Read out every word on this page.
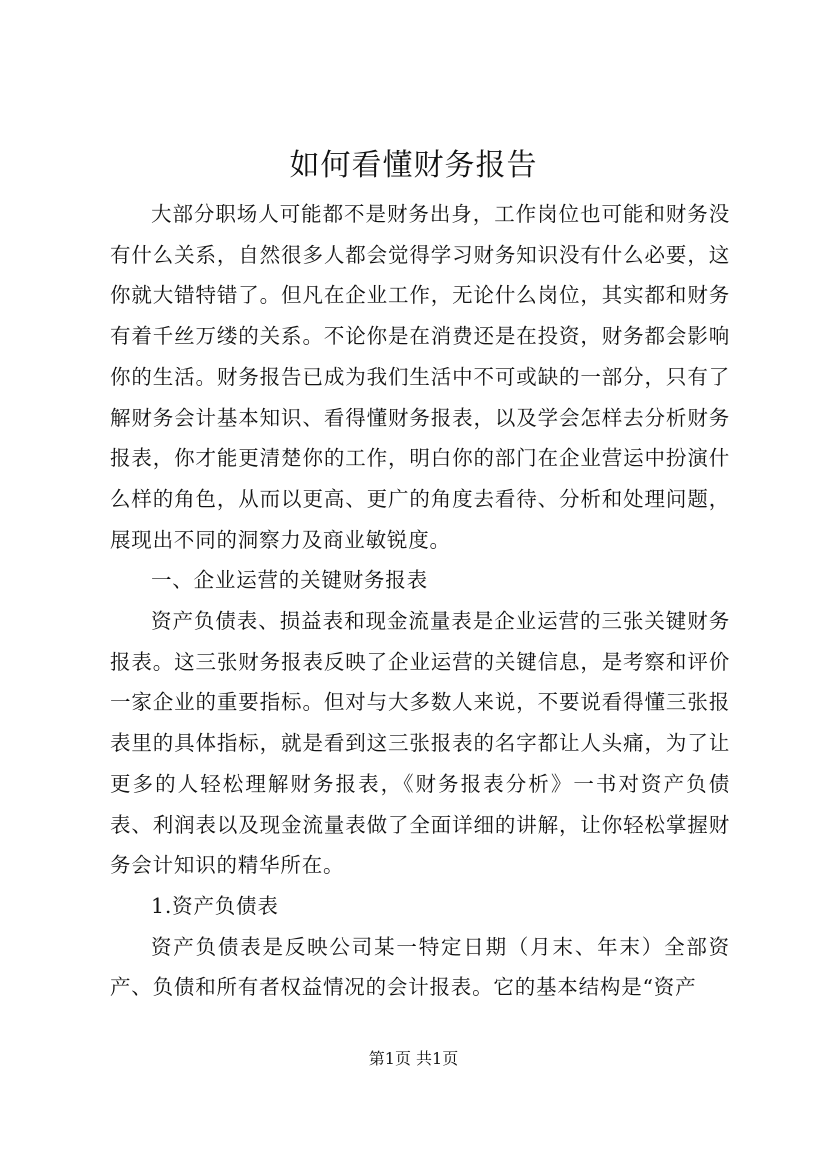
如何看懂财务报告

大部分职场人可能都不是财务出身，工作岗位也可能和财务没有什么关系，自然很多人都会觉得学习财务知识没有什么必要，这你就大错特错了。但凡在企业工作，无论什么岗位，其实都和财务有着千丝万缕的关系。不论你是在消费还是在投资，财务都会影响你的生活。财务报告已成为我们生活中不可或缺的一部分，只有了解财务会计基本知识、看得懂财务报表，以及学会怎样去分析财务报表，你才能更清楚你的工作，明白你的部门在企业营运中扮演什么样的角色，从而以更高、更广的角度去看待、分析和处理问题，展现出不同的洞察力及商业敏锐度。

一、企业运营的关键财务报表

资产负债表、损益表和现金流量表是企业运营的三张关键财务报表。这三张财务报表反映了企业运营的关键信息，是考察和评价一家企业的重要指标。但对与大多数人来说，不要说看得懂三张报表里的具体指标，就是看到这三张报表的名字都让人头痛，为了让更多的人轻松理解财务报表，《财务报表分析》一书对资产负债表、利润表以及现金流量表做了全面详细的讲解，让你轻松掌握财务会计知识的精华所在。

1.资产负债表

资产负债表是反映公司某一特定日期（月末、年末）全部资产、负债和所有者权益情况的会计报表。它的基本结构是“资产

第1页 共1页
